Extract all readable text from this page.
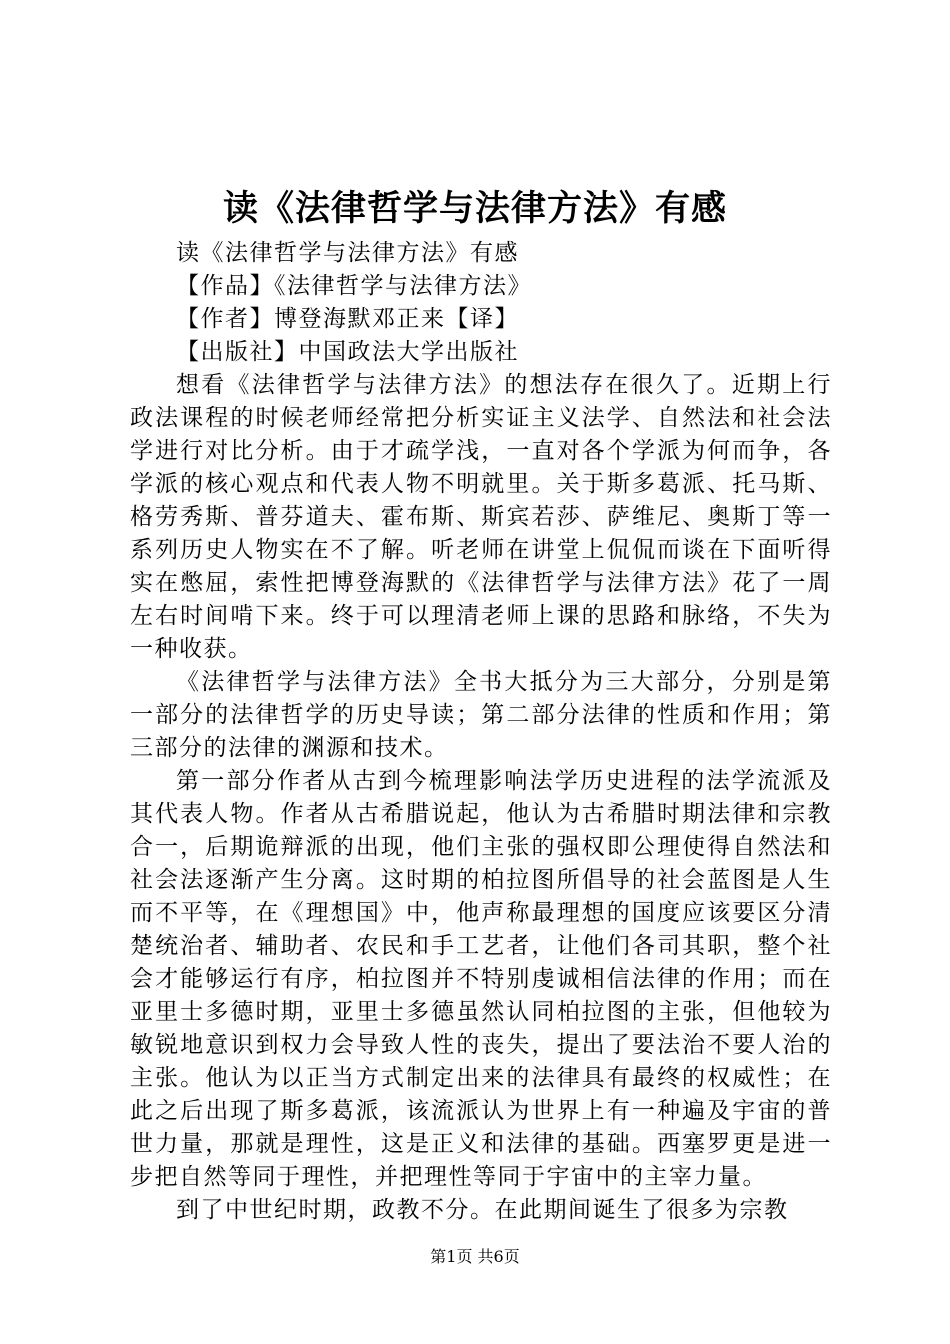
读《法律哲学与法律方法》有感

读《法律哲学与法律方法》有感

【作品】《法律哲学与法律方法》

【作者】博登海默邓正来【译】

【出版社】中国政法大学出版社

想看《法律哲学与法律方法》的想法存在很久了。近期上行政法课程的时候老师经常把分析实证主义法学、自然法和社会法学进行对比分析。由于才疏学浅，一直对各个学派为何而争，各学派的核心观点和代表人物不明就里。关于斯多葛派、托马斯、格劳秀斯、普芬道夫、霍布斯、斯宾若莎、萨维尼、奥斯丁等一系列历史人物实在不了解。听老师在讲堂上侃侃而谈在下面听得实在憋屈，索性把博登海默的《法律哲学与法律方法》花了一周左右时间啃下来。终于可以理清老师上课的思路和脉络，不失为一种收获。

《法律哲学与法律方法》全书大抵分为三大部分，分别是第一部分的法律哲学的历史导读；第二部分法律的性质和作用；第三部分的法律的渊源和技术。

第一部分作者从古到今梳理影响法学历史进程的法学流派及其代表人物。作者从古希腊说起，他认为古希腊时期法律和宗教合一，后期诡辩派的出现，他们主张的强权即公理使得自然法和社会法逐渐产生分离。这时期的柏拉图所倡导的社会蓝图是人生而不平等，在《理想国》中，他声称最理想的国度应该要区分清楚统治者、辅助者、农民和手工艺者，让他们各司其职，整个社会才能够运行有序，柏拉图并不特别虔诚相信法律的作用；而在亚里士多德时期，亚里士多德虽然认同柏拉图的主张，但他较为敏锐地意识到权力会导致人性的丧失，提出了要法治不要人治的主张。他认为以正当方式制定出来的法律具有最终的权威性；在此之后出现了斯多葛派，该流派认为世界上有一种遍及宇宙的普世力量，那就是理性，这是正义和法律的基础。西塞罗更是进一步把自然等同于理性，并把理性等同于宇宙中的主宰力量。

到了中世纪时期，政教不分。在此期间诞生了很多为宗教

第1页 共6页
